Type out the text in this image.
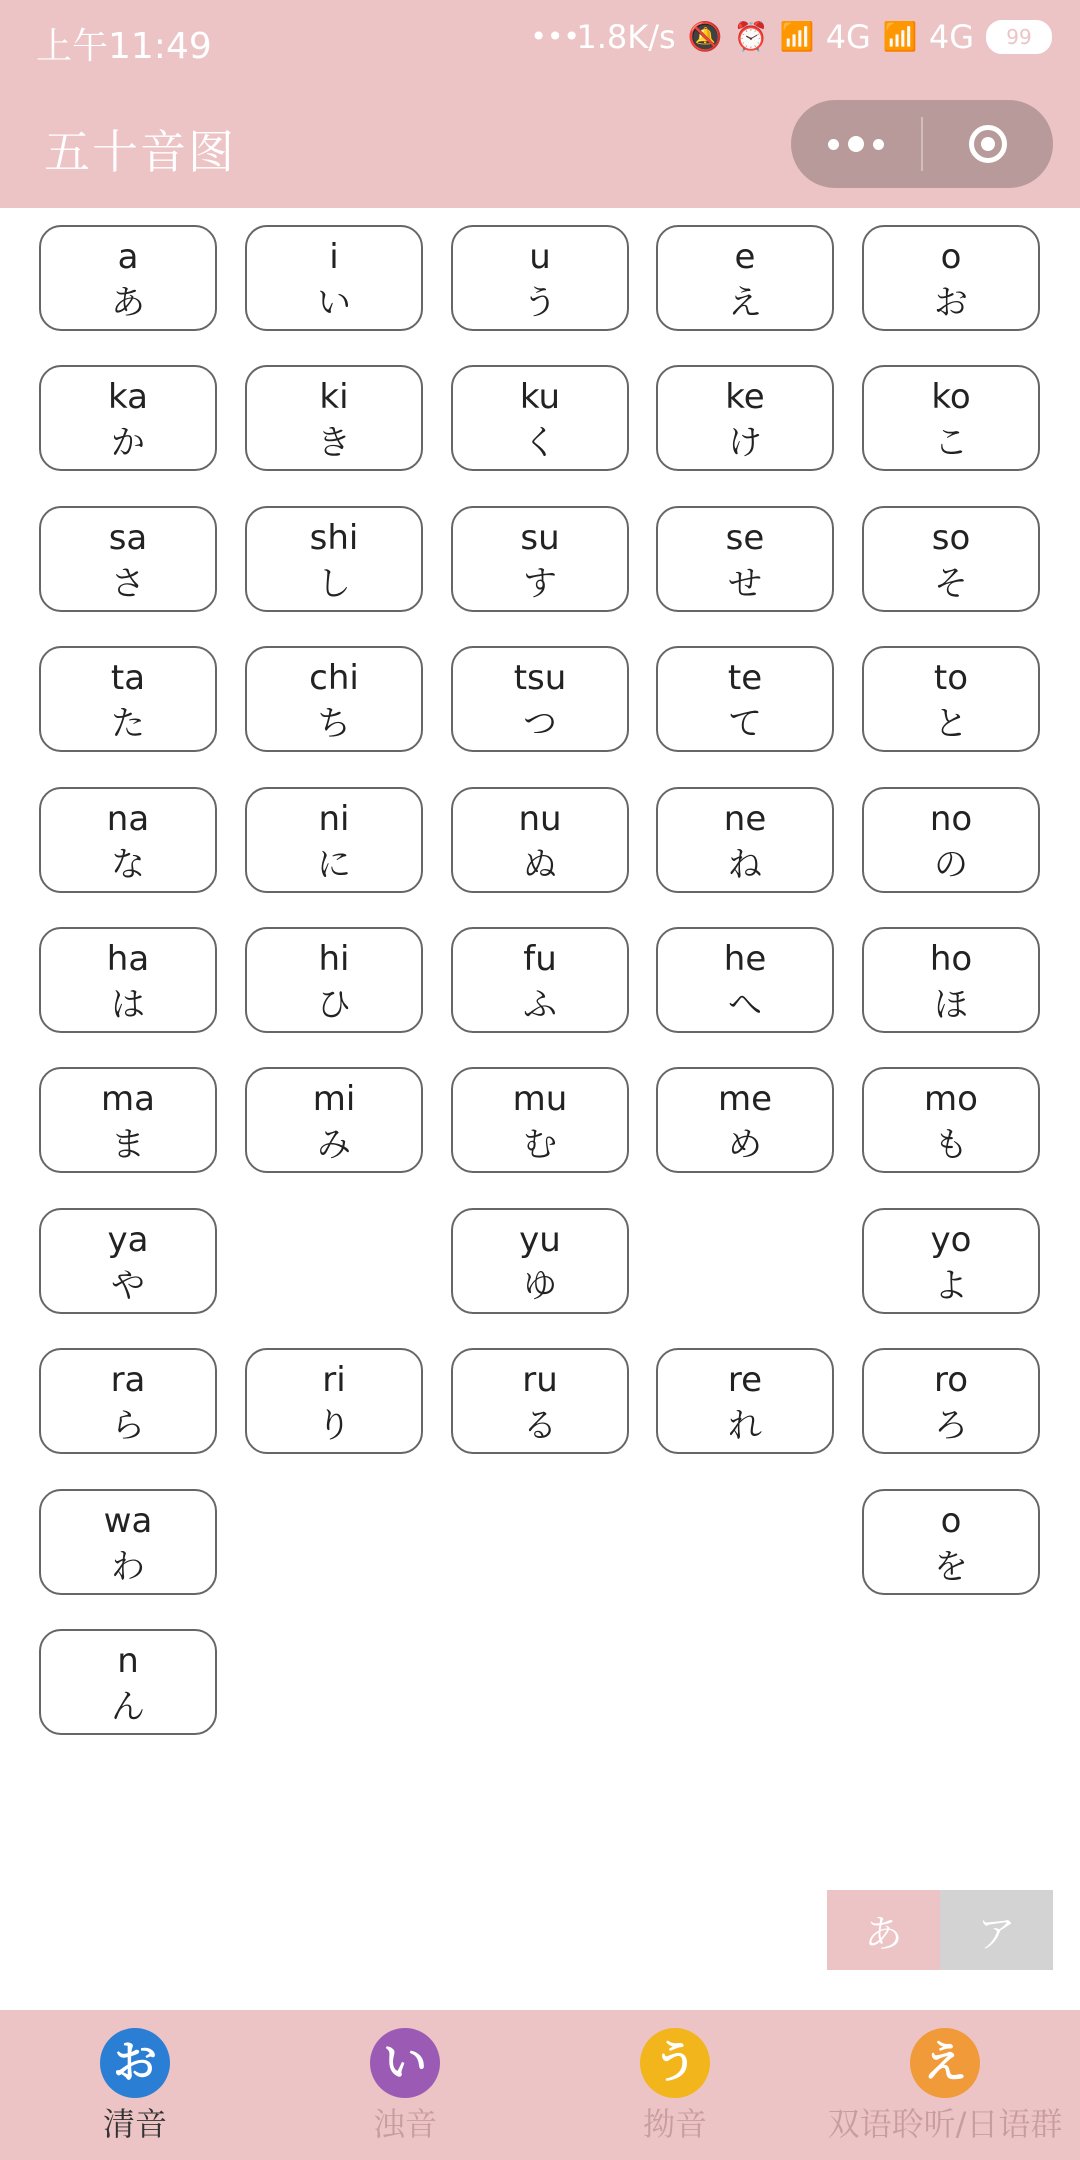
上午11:49	•••
1.8K/s 🔕 ⏰ 📶 4G 📶 4G	99
五十音图
a
あ
i
い
u
う
e
え
o
お
ka
か
ki
き
ku
く
ke
け
ko
こ
sa
さ
shi
し
su
す
se
せ
so
そ
ta
た
chi
ち
tsu
つ
te
て
to
と
na
な
ni
に
nu
ぬ
ne
ね
no
の
ha
は
hi
ひ
fu
ふ
he
へ
ho
ほ
ma
ま
mi
み
mu
む
me
め
mo
も
ya
や
yu
ゆ
yo
よ
ra
ら
ri
り
ru
る
re
れ
ro
ろ
wa
わ
o
を
n
ん
あ	ア
お
清音
い
浊音
う
拗音
え
双语聆听/日语群
